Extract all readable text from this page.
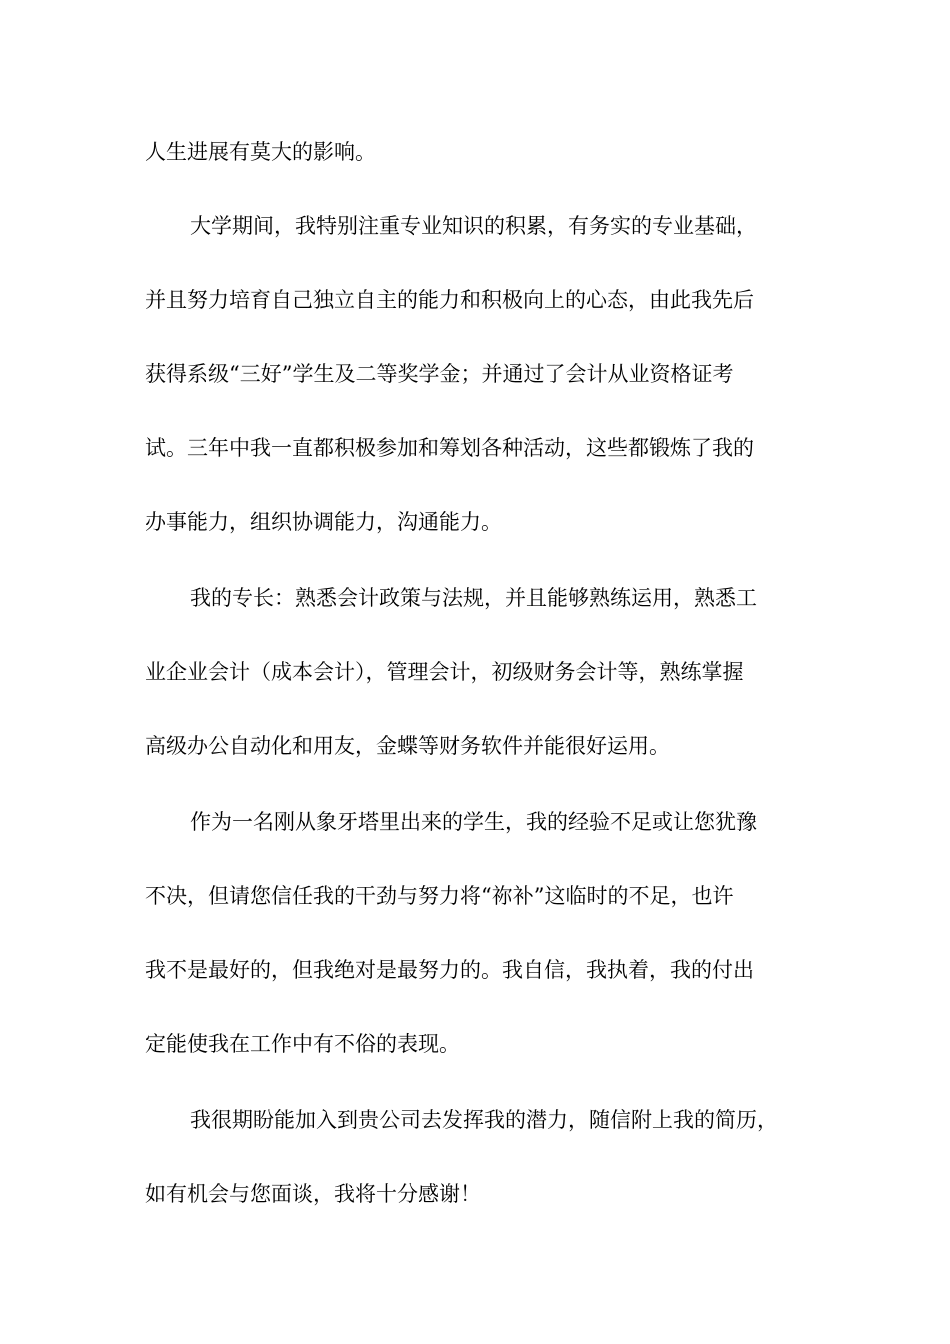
人生进展有莫大的影响。
大学期间，我特别注重专业知识的积累，有务实的专业基础，
并且努力培育自己独立自主的能力和积极向上的心态，由此我先后
获得系级“三好”学生及二等奖学金；并通过了会计从业资格证考
试。三年中我一直都积极参加和筹划各种活动，这些都锻炼了我的
办事能力，组织协调能力，沟通能力。
我的专长：熟悉会计政策与法规，并且能够熟练运用，熟悉工
业企业会计（成本会计），管理会计，初级财务会计等，熟练掌握
高级办公自动化和用友，金蝶等财务软件并能很好运用。
作为一名刚从象牙塔里出来的学生，我的经验不足或让您犹豫
不决，但请您信任我的干劲与努力将“祢补”这临时的不足，也许
我不是最好的，但我绝对是最努力的。我自信，我执着，我的付出
定能使我在工作中有不俗的表现。
我很期盼能加入到贵公司去发挥我的潜力，随信附上我的简历，
如有机会与您面谈，我将十分感谢！
